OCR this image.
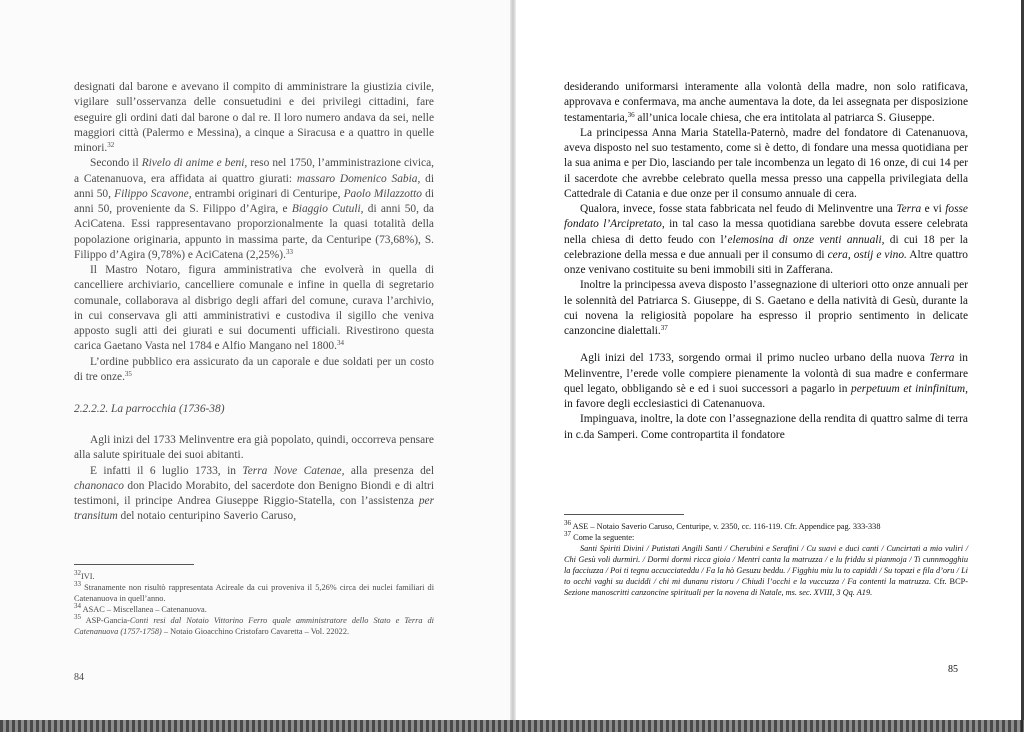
designati dal barone e avevano il compito di amministrare la giustizia civile, vigilare sull’osservanza delle consuetudini e dei privilegi cittadini, fare eseguire gli ordini dati dal barone o dal re. Il loro numero andava da sei, nelle maggiori città (Palermo e Messina), a cinque a Siracusa e a quattro in quelle minori.$^{32}$

Secondo il Rivelo di anime e beni, reso nel 1750, l’amministrazione civica, a Catenanuova, era affidata ai quattro giurati: massaro Domenico Sabia, di anni 50, Filippo Scavone, entrambi originari di Centuripe, Paolo Milazzotto di anni 50, proveniente da S. Filippo d’Agira, e Biaggio Cutuli, di anni 50, da AciCatena. Essi rappresentavano proporzionalmente la quasi totalità della popolazione originaria, appunto in massima parte, da Centuripe (73,68%), S. Filippo d’Agira (9,78%) e AciCatena (2,25%).$^{33}$

Il Mastro Notaro, figura amministrativa che evolverà in quella di cancelliere archiviario, cancelliere comunale e infine in quella di segretario comunale, collaborava al disbrigo degli affari del comune, curava l’archivio, in cui conservava gli atti amministrativi e custodiva il sigillo che veniva apposto sugli atti dei giurati e sui documenti ufficiali. Rivestirono questa carica Gaetano Vasta nel 1784 e Alfio Mangano nel 1800.34

L’ordine pubblico era assicurato da un caporale e due soldati per un costo di tre onze.$^{35}$

2.2.2.2. La parrocchia (1736-38)

Agli inizi del 1733 Melinventre era già popolato, quindi, occorreva pensare alla salute spirituale dei suoi abitanti.

E infatti il 6 luglio 1733, in Terra Nove Catenae, alla presenza del chanonaco don Placido Morabito, del sacerdote don Benigno Biondi e di altri testimoni, il principe Andrea Giuseppe Riggio-Statella, con l’assistenza per transitum del notaio centuripino Saverio Caruso,

$^{32}$IVI.

$^{33}$ Stranamente non risultò rappresentata Acireale da cui proveniva il 5,26% circa dei nuclei familiari di Catenanuova in quell’anno.

$^{34}$ ASAC – Miscellanea – Catenanuova.

$^{35}$ ASP-Gancia-Conti resi dal Notaio Vittorino Ferro quale amministratore dello Stato e Terra di Catenanuova (1757-1758) – Notaio Gioacchino Cristofaro Cavaretta – Vol. 22022.

84

desiderando uniformarsi interamente alla volontà della madre, non solo ratificava, approvava e confermava, ma anche aumentava la dote, da lei assegnata per disposizione testamentaria,$^{36}$ all’unica locale chiesa, che era intitolata al patriarca S. Giuseppe.

La principessa Anna Maria Statella-Paternò, madre del fondatore di Catenanuova, aveva disposto nel suo testamento, come si è detto, di fondare una messa quotidiana per la sua anima e per Dio, lasciando per tale incombenza un legato di 16 onze, di cui 14 per il sacerdote che avrebbe celebrato quella messa presso una cappella privilegiata della Cattedrale di Catania e due onze per il consumo annuale di cera.

Qualora, invece, fosse stata fabbricata nel feudo di Melinventre una Terra e vi fosse fondato l’Arcipretato, in tal caso la messa quotidiana sarebbe dovuta essere celebrata nella chiesa di detto feudo con l’elemosina di onze venti annuali, di cui 18 per la celebrazione della messa e due annuali per il consumo di cera, ostij e vino. Altre quattro onze venivano costituite su beni immobili siti in Zafferana.

Inoltre la principessa aveva disposto l’assegnazione di ulteriori otto onze annuali per le solennità del Patriarca S. Giuseppe, di S. Gaetano e della natività di Gesù, durante la cui novena la religiosità popolare ha espresso il proprio sentimento in delicate canzoncine dialettali.$^{37}$

Agli inizi del 1733, sorgendo ormai il primo nucleo urbano della nuova Terra in Melinventre, l’erede volle compiere pienamente la volontà di sua madre e confermare quel legato, obbligando sè e ed i suoi successori a pagarlo in perpetuum et ininfinitum, in favore degli ecclesiastici di Catenanuova.

Impinguava, inoltre, la dote con l’assegnazione della rendita di quattro salme di terra in c.da Samperi. Come contropartita il fondatore

$^{36}$ ASE – Notaio Saverio Caruso, Centuripe, v. 2350, cc. 116-119. Cfr. Appendice pag. 333-338

$^{37}$ Come la seguente:

Santi Spiriti Divini / Putistati Angili Santi / Cherubini e Serafini / Cu suavi e duci canti / Cuncirtati a mio vuliri / Chi Gesù voli durmiri. / Dormi dormi ricca gioia / Mentri canta la matruzza / e lu friddu si pianmoja / Ti cunnmogghiu la facciuzza / Poi ti tegnu accucciateddu / Fa la hò Gesuzu beddu. / Figghiu miu lu to capiddi / Su topazi e fila d’oru / Li to occhi vaghi su duciddi / chi mi dunanu ristoru / Chiudi l’occhi e la vuccuzza / Fa contenti la matruzza. Cfr. BCP-Sezione manoscritti canzoncine spirituali per la novena di Natale, ms. sec. XVIII, 3 Qq. A19.

85
